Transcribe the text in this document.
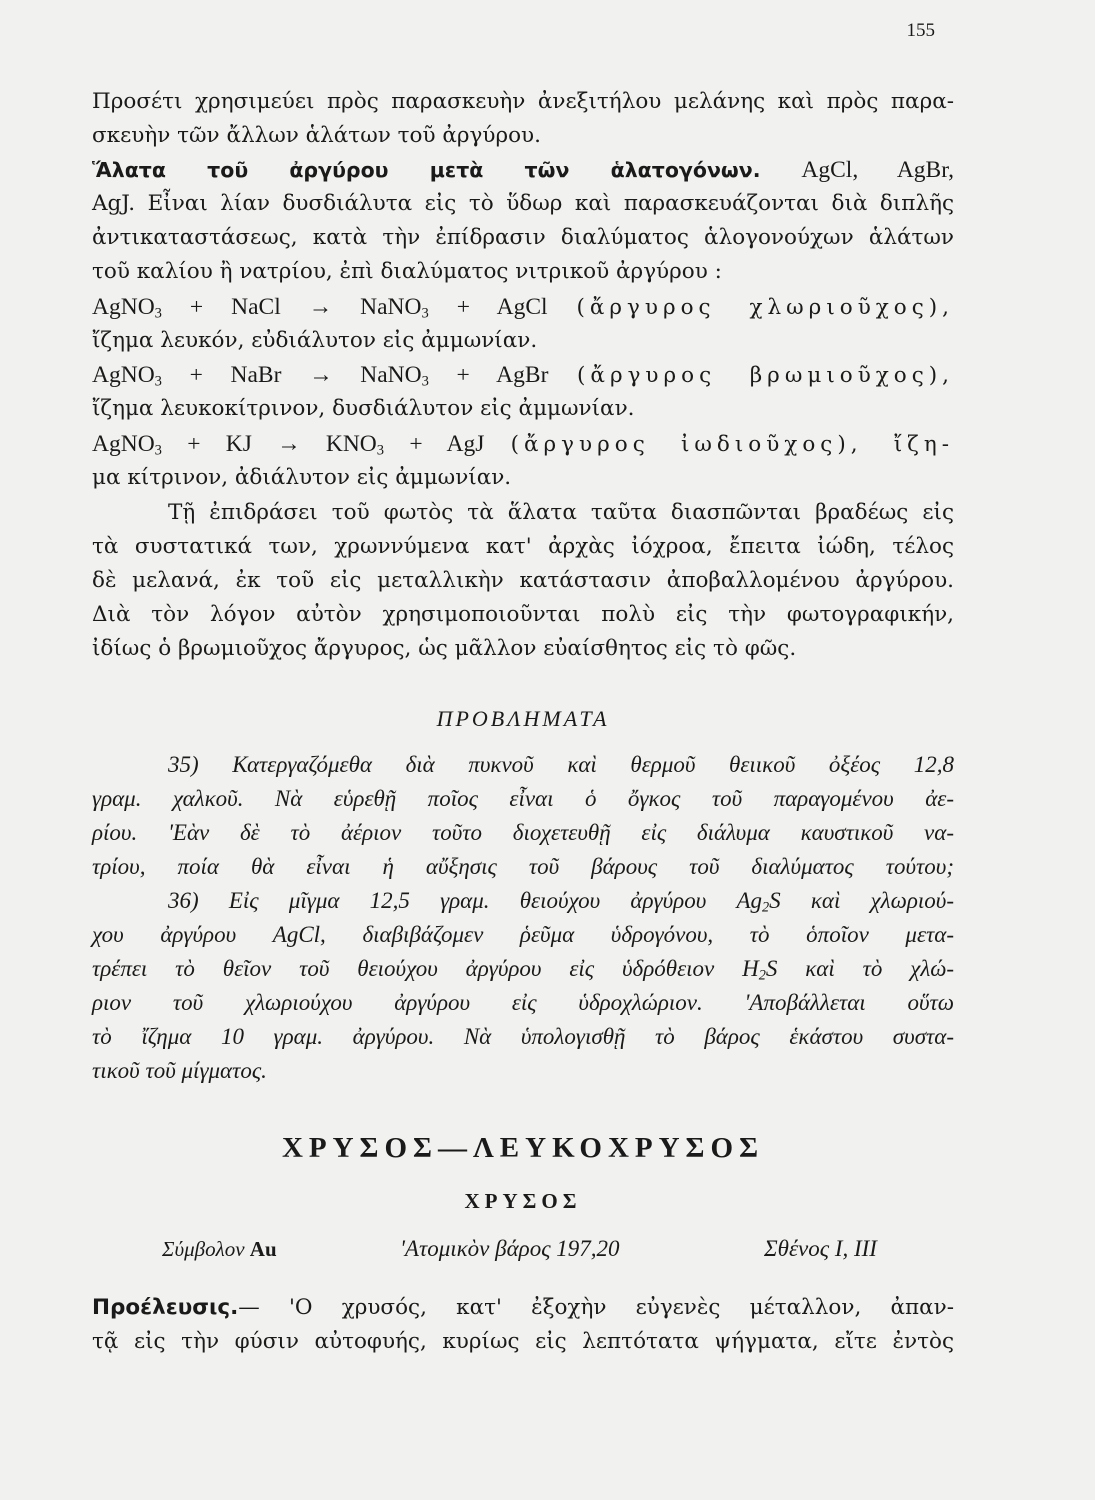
155
Προσέτι χρησιμεύει πρὸς παρασκευὴν ἀνεξιτήλου μελάνης καὶ πρὸς παρα-
σκευὴν τῶν ἄλλων ἁλάτων τοῦ ἀργύρου.
Ἅλατα τοῦ ἀργύρου μετὰ τῶν ἁλατογόνων. AgCl, AgBr,
AgJ. Εἶναι λίαν δυσδιάλυτα εἰς τὸ ὕδωρ καὶ παρασκευάζονται διὰ διπλῆς
ἀντικαταστάσεως, κατὰ τὴν ἐπίδρασιν διαλύματος ἁλογονούχων ἁλάτων
τοῦ καλίου ἢ νατρίου, ἐπὶ διαλύματος νιτρικοῦ ἀργύρου :
AgNO$_3$ + NaCl → NaNO$_3$ + AgCl (ἄργυρος χλωριοῦχος),
ἴζημα λευκόν, εὐδιάλυτον εἰς ἀμμωνίαν.
AgNO$_3$ + NaBr → NaNO$_3$ + AgBr (ἄργυρος βρωμιοῦχος),
ἴζημα λευκοκίτρινον, δυσδιάλυτον εἰς ἀμμωνίαν.
AgNO$_3$ + KJ → $KNO_3$ + AgJ (ἄργυρος ἰωδιοῦχος), ἴζη-
μα κίτρινον, ἀδιάλυτον εἰς ἀμμωνίαν.
Τῇ ἐπιδράσει τοῦ φωτὸς τὰ ἅλατα ταῦτα διασπῶνται βραδέως εἰς
τὰ συστατικά των, χρωννύμενα κατ' ἀρχὰς ἰόχροα, ἔπειτα ἰώδη, τέλος
δὲ μελανά, ἐκ τοῦ εἰς μεταλλικὴν κατάστασιν ἀποβαλλομένου ἀργύρου.
Διὰ τὸν λόγον αὐτὸν χρησιμοποιοῦνται πολὺ εἰς τὴν φωτογραφικήν,
ἰδίως ὁ βρωμιοῦχος ἄργυρος, ὡς μᾶλλον εὐαίσθητος εἰς τὸ φῶς.
ΠΡΟΒΛΗΜΑΤΑ
35) Κατεργαζόμεθα διὰ πυκνοῦ καὶ θερμοῦ θειικοῦ ὀξέος 12,8
γραμ. χαλκοῦ. Νὰ εὑρεθῇ ποῖος εἶναι ὁ ὄγκος τοῦ παραγομένου ἀε-
ρίου. 'Εὰν δὲ τὸ ἀέριον τοῦτο διοχετευθῇ εἰς διάλυμα καυστικοῦ να-
τρίου, ποία θὰ εἶναι ἡ αὔξησις τοῦ βάρους τοῦ διαλύματος τούτου;
36) Εἰς μῖγμα 12,5 γραμ. θειούχου ἀργύρου $Ag_2S$ καὶ χλωριού-
χου ἀργύρου AgCl, διαβιβάζομεν ῥεῦμα ὑδρογόνου, τὸ ὁποῖον μετα-
τρέπει τὸ θεῖον τοῦ θειούχου ἀργύρου εἰς ὑδρόθειον $H_2S$ καὶ τὸ χλώ-
ριον τοῦ χλωριούχου ἀργύρου εἰς ὑδροχλώριον. 'Αποβάλλεται οὕτω
τὸ ἴζημα 10 γραμ. ἀργύρου. Νὰ ὑπολογισθῇ τὸ βάρος ἑκάστου συστα-
τικοῦ τοῦ μίγματος.
ΧΡΥΣΟΣ—ΛΕΥΚΟΧΡΥΣΟΣ
ΧΡΥΣΟΣ
Σύμβολον Au	'Ατομικὸν βάρος 197,20	Σθένος I, III
Προέλευσις.— 'Ο χρυσός, κατ' ἐξοχὴν εὐγενὲς μέταλλον, ἀπαν-
τᾷ εἰς τὴν φύσιν αὐτοφυής, κυρίως εἰς λεπτότατα ψήγματα, εἴτε ἐντὸς
